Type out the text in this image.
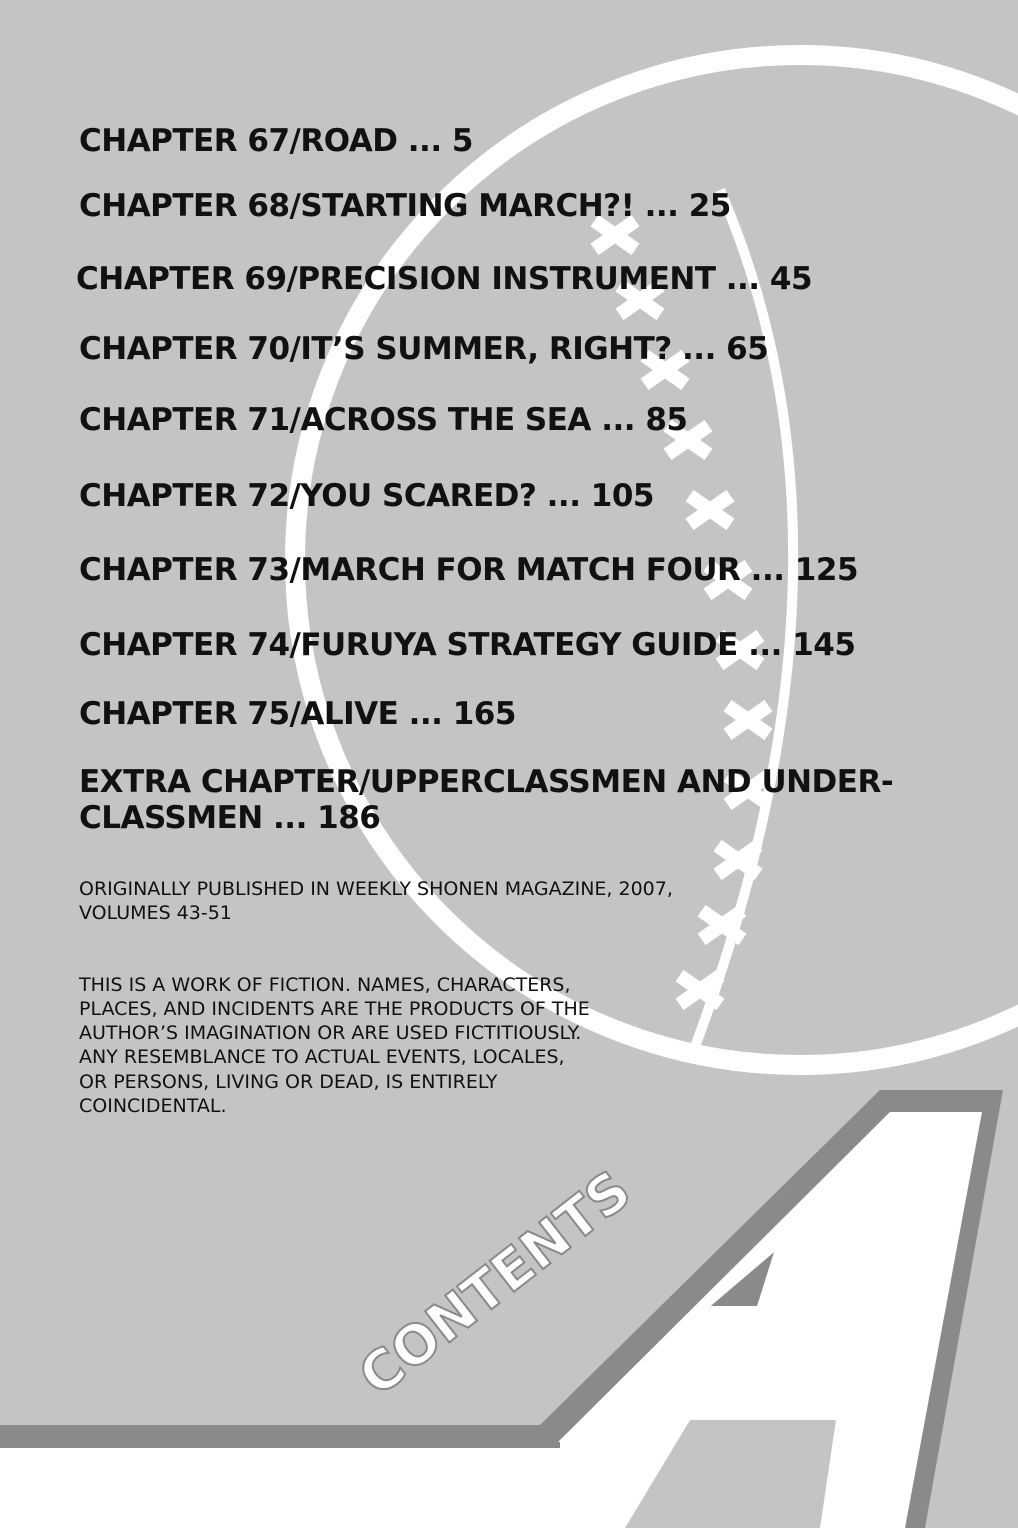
CONTENTS
CHAPTER 67/ROAD ... 5
CHAPTER 68/STARTING MARCH?! ... 25
CHAPTER 69/PRECISION INSTRUMENT ... 45
CHAPTER 70/IT’S SUMMER, RIGHT? ... 65
CHAPTER 71/ACROSS THE SEA ... 85
CHAPTER 72/YOU SCARED? ... 105
CHAPTER 73/MARCH FOR MATCH FOUR ... 125
CHAPTER 74/FURUYA STRATEGY GUIDE ... 145
CHAPTER 75/ALIVE ... 165
EXTRA CHAPTER/UPPERCLASSMEN AND UNDER-CLASSMEN ... 186
ORIGINALLY PUBLISHED IN WEEKLY SHONEN MAGAZINE, 2007,
VOLUMES 43-51
THIS IS A WORK OF FICTION. NAMES, CHARACTERS,
PLACES, AND INCIDENTS ARE THE PRODUCTS OF THE
AUTHOR’S IMAGINATION OR ARE USED FICTITIOUSLY.
ANY RESEMBLANCE TO ACTUAL EVENTS, LOCALES,
OR PERSONS, LIVING OR DEAD, IS ENTIRELY
COINCIDENTAL.
